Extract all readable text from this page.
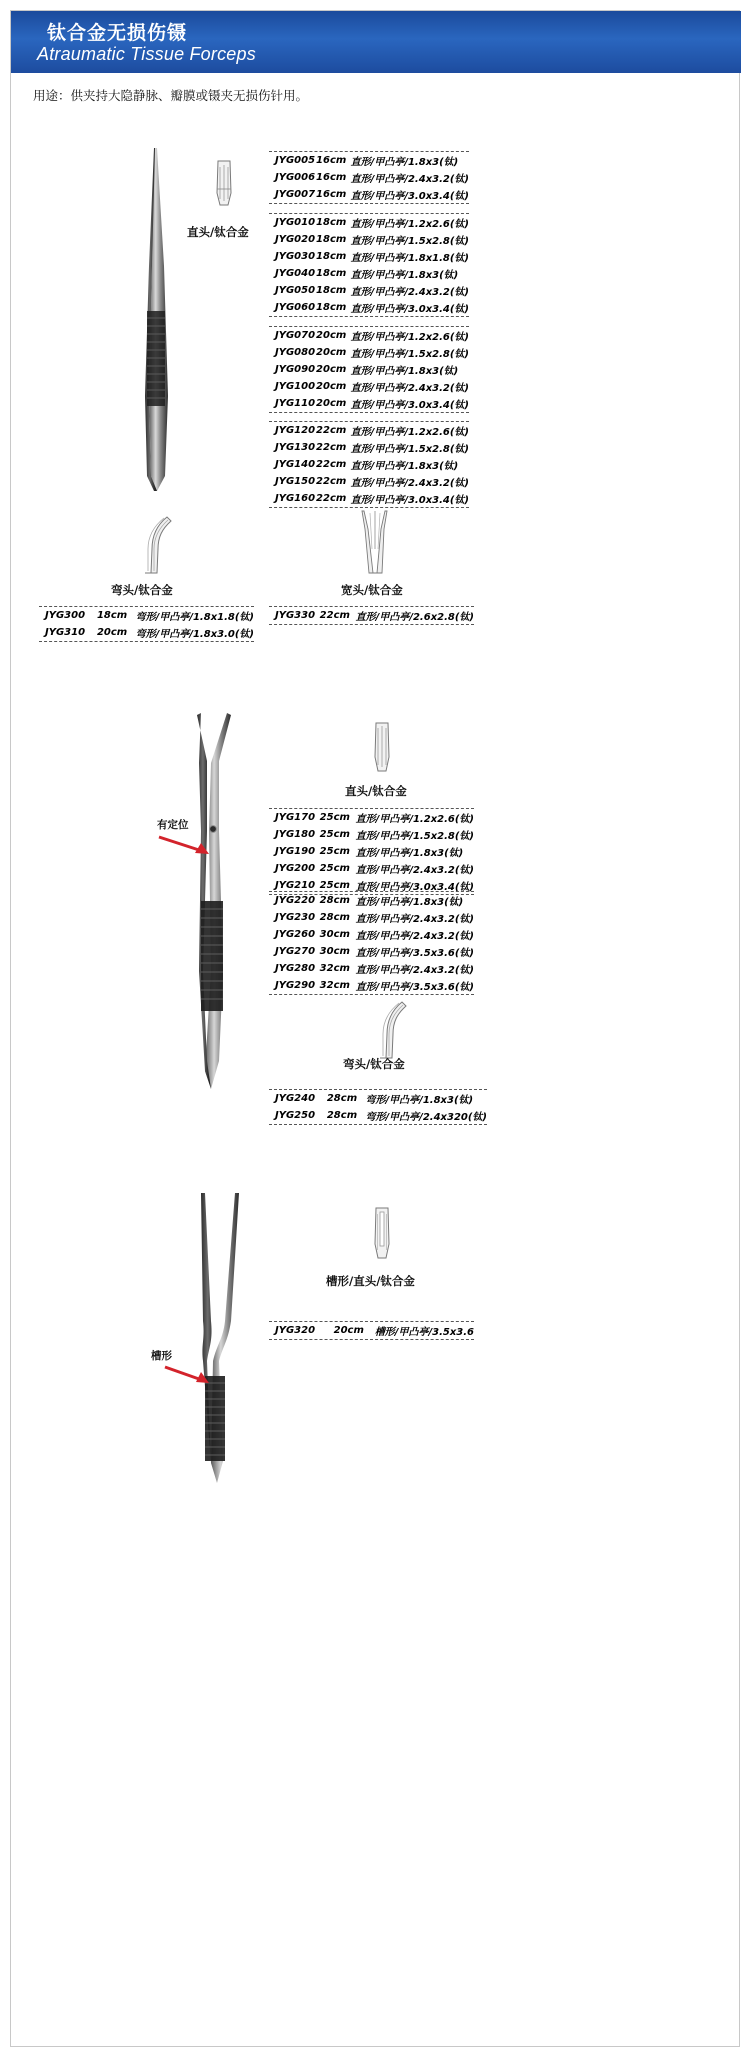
钛合金无损伤镊
Atraumatic Tissue Forceps
用途：供夹持大隐静脉、瓣膜或镊夹无损伤针用。
直头/钛合金
JYG005	16cm	直形/甲凸亭/1.8x3(钛)
JYG006	16cm	直形/甲凸亭/2.4x3.2(钛)
JYG007	16cm	直形/甲凸亭/3.0x3.4(钛)
JYG010	18cm	直形/甲凸亭/1.2x2.6(钛)
JYG020	18cm	直形/甲凸亭/1.5x2.8(钛)
JYG030	18cm	直形/甲凸亭/1.8x1.8(钛)
JYG040	18cm	直形/甲凸亭/1.8x3(钛)
JYG050	18cm	直形/甲凸亭/2.4x3.2(钛)
JYG060	18cm	直形/甲凸亭/3.0x3.4(钛)
JYG070	20cm	直形/甲凸亭/1.2x2.6(钛)
JYG080	20cm	直形/甲凸亭/1.5x2.8(钛)
JYG090	20cm	直形/甲凸亭/1.8x3(钛)
JYG100	20cm	直形/甲凸亭/2.4x3.2(钛)
JYG110	20cm	直形/甲凸亭/3.0x3.4(钛)
JYG120	22cm	直形/甲凸亭/1.2x2.6(钛)
JYG130	22cm	直形/甲凸亭/1.5x2.8(钛)
JYG140	22cm	直形/甲凸亭/1.8x3(钛)
JYG150	22cm	直形/甲凸亭/2.4x3.2(钛)
JYG160	22cm	直形/甲凸亭/3.0x3.4(钛)
弯头/钛合金	宽头/钛合金
JYG300	18cm	弯形/甲凸亭/1.8x1.8(钛)
JYG310	20cm	弯形/甲凸亭/1.8x3.0(钛)
JYG330	22cm	直形/甲凸亭/2.6x2.8(钛)
有定位
直头/钛合金
JYG170	25cm	直形/甲凸亭/1.2x2.6(钛)
JYG180	25cm	直形/甲凸亭/1.5x2.8(钛)
JYG190	25cm	直形/甲凸亭/1.8x3(钛)
JYG200	25cm	直形/甲凸亭/2.4x3.2(钛)
JYG210	25cm	直形/甲凸亭/3.0x3.4(钛)
JYG220	28cm	直形/甲凸亭/1.8x3(钛)
JYG230	28cm	直形/甲凸亭/2.4x3.2(钛)
JYG260	30cm	直形/甲凸亭/2.4x3.2(钛)
JYG270	30cm	直形/甲凸亭/3.5x3.6(钛)
JYG280	32cm	直形/甲凸亭/2.4x3.2(钛)
JYG290	32cm	直形/甲凸亭/3.5x3.6(钛)
弯头/钛合金
JYG240	28cm	弯形/甲凸亭/1.8x3(钛)
JYG250	28cm	弯形/甲凸亭/2.4x320(钛)
槽形
槽形/直头/钛合金
JYG320	20cm	槽形/甲凸亭/3.5x3.6
